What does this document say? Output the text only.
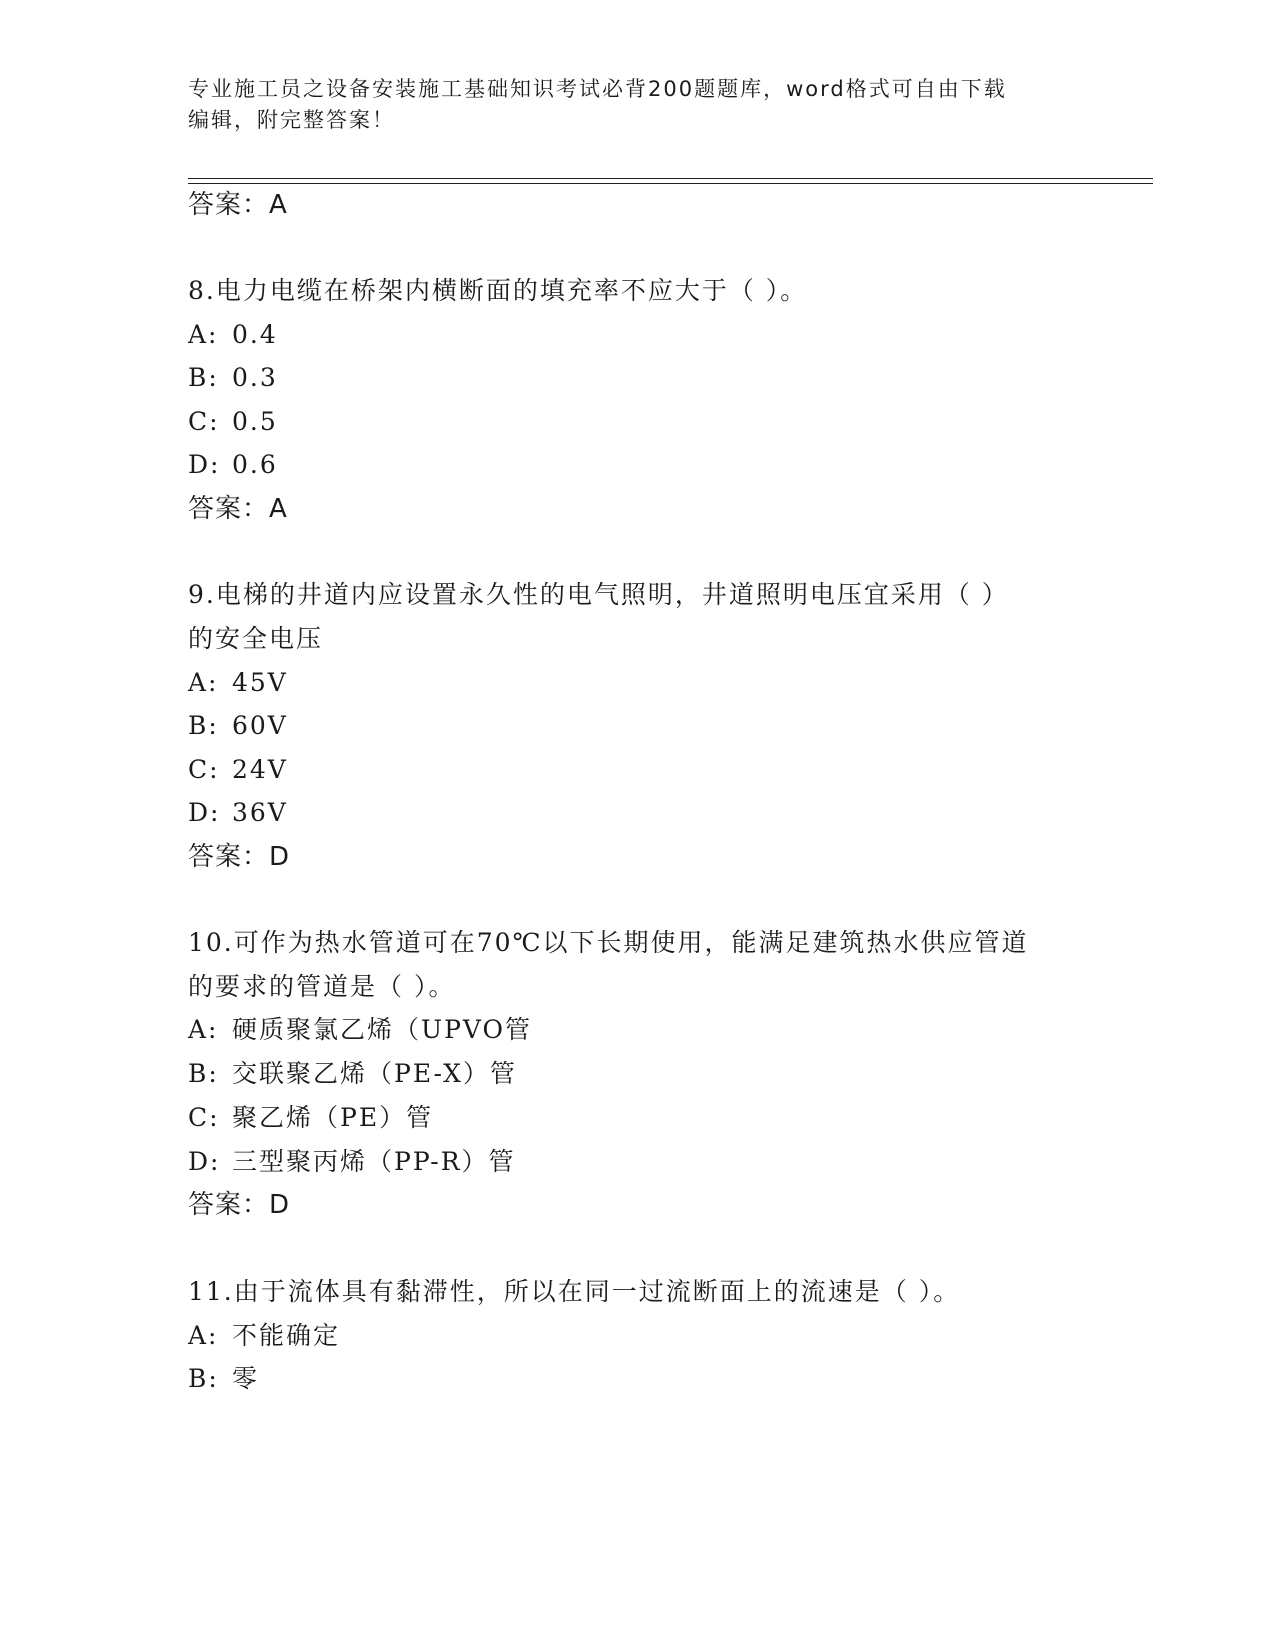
专业施工员之设备安装施工基础知识考试必背200题题库，word格式可自由下载
编辑，附完整答案！
答案：A
8.电力电缆在桥架内横断面的填充率不应大于（ ）。
A: 0.4
B: 0.3
C: 0.5
D: 0.6
答案：A
9.电梯的井道内应设置永久性的电气照明，井道照明电压宜采用（ ）
的安全电压
A: 45V
B: 60V
C: 24V
D: 36V
答案：D
10.可作为热水管道可在70℃以下长期使用，能满足建筑热水供应管道
的要求的管道是（ ）。
A: 硬质聚氯乙烯（UPVO管
B: 交联聚乙烯（PE-X）管
C: 聚乙烯（PE）管
D: 三型聚丙烯（PP-R）管
答案：D
11.由于流体具有黏滞性，所以在同一过流断面上的流速是（ ）。
A: 不能确定
B: 零
